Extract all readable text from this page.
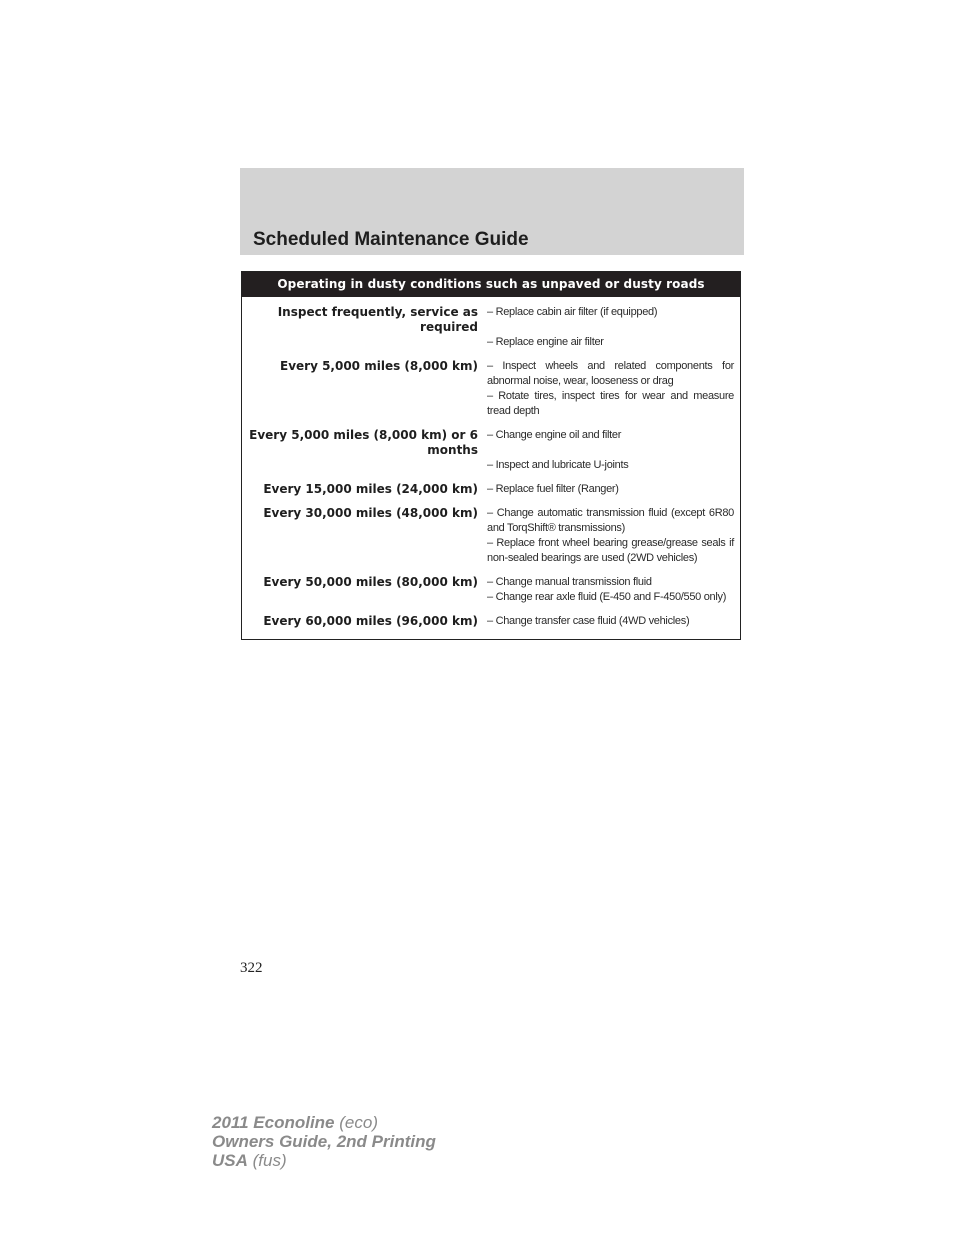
Scheduled Maintenance Guide
Operating in dusty conditions such as unpaved or dusty roads
Inspect frequently, service as required
– Replace cabin air filter (if equipped)
– Replace engine air filter
Every 5,000 miles (8,000 km) – Inspect wheels and related components for abnormal noise, wear, looseness or drag
– Rotate tires, inspect tires for wear and measure tread depth
Every 5,000 miles (8,000 km) or 6 months
– Change engine oil and filter
– Inspect and lubricate U-joints
Every 15,000 miles (24,000 km) – Replace fuel filter (Ranger)
Every 30,000 miles (48,000 km) – Change automatic transmission fluid (except 6R80 and TorqShift® transmissions)
– Replace front wheel bearing grease/grease seals if non-sealed bearings are used (2WD vehicles)
Every 50,000 miles (80,000 km) – Change manual transmission fluid
– Change rear axle fluid (E-450 and F-450/550 only)
Every 60,000 miles (96,000 km) – Change transfer case fluid (4WD vehicles)
322
2011 Econoline (eco)
Owners Guide, 2nd Printing
USA (fus)
